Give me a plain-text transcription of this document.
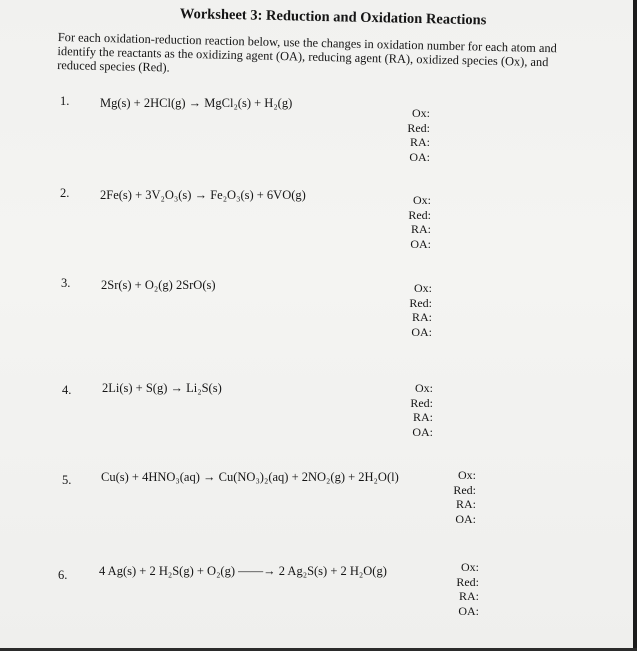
Worksheet 3: Reduction and Oxidation Reactions
For each oxidation-reduction reaction below, use the changes in oxidation number for each atom and identify the reactants as the oxidizing agent (OA), reducing agent (RA), oxidized species (Ox), and reduced species (Red).
1. Mg(s) + 2HCl(g) → MgCl₂(s) + H₂(g)
Ox:
Red:
RA:
OA:
2. 2Fe(s) + 3V₂O₃(s) → Fe₂O₃(s) + 6VO(g)	Ox:
Red:
RA:
OA:
3. 2Sr(s) + O₂(g) 2SrO(s)	Ox:
Red:
RA:
OA:
4. 2Li(s) + S(g) → Li₂S(s)	Ox:
Red:
RA:
OA:
5. Cu(s) + 4HNO₃(aq) → Cu(NO₃)₂(aq) + 2NO₂(g) + 2H₂O(l)	Ox:
Red:
RA:
OA:
6.	4 Ag(s) + 2 H₂S(g) + O₂(g) ——→ 2 Ag₂S(s) + 2 H₂O(g)	Ox:
Red:
RA:
OA:
